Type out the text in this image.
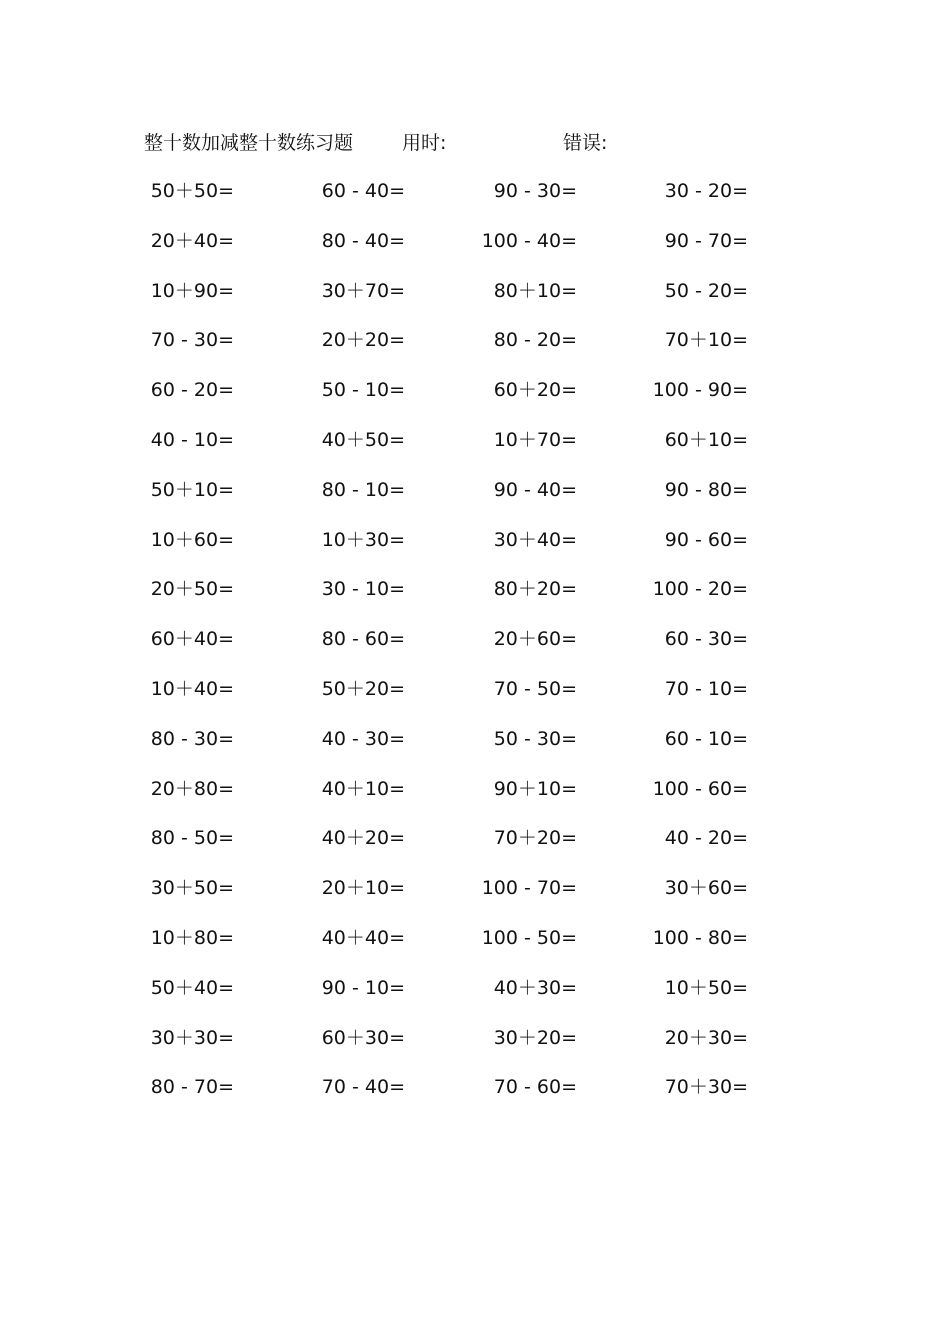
整十数加减整十数练习题	用时:	错误:
50＋50=	60 - 40=	90 - 30=	30 - 20=
20＋40=	80 - 40=	100 - 40=	90 - 70=
10＋90=	30＋70=	80＋10=	50 - 20=
70 - 30=	20＋20=	80 - 20=	70＋10=
60 - 20=	50 - 10=	60＋20=	100 - 90=
40 - 10=	40＋50=	10＋70=	60＋10=
50＋10=	80 - 10=	90 - 40=	90 - 80=
10＋60=	10＋30=	30＋40=	90 - 60=
20＋50=	30 - 10=	80＋20=	100 - 20=
60＋40=	80 - 60=	20＋60=	60 - 30=
10＋40=	50＋20=	70 - 50=	70 - 10=
80 - 30=	40 - 30=	50 - 30=	60 - 10=
20＋80=	40＋10=	90＋10=	100 - 60=
80 - 50=	40＋20=	70＋20=	40 - 20=
30＋50=	20＋10=	100 - 70=	30＋60=
10＋80=	40＋40=	100 - 50=	100 - 80=
50＋40=	90 - 10=	40＋30=	10＋50=
30＋30=	60＋30=	30＋20=	20＋30=
80 - 70=	70 - 40=	70 - 60=	70＋30=
